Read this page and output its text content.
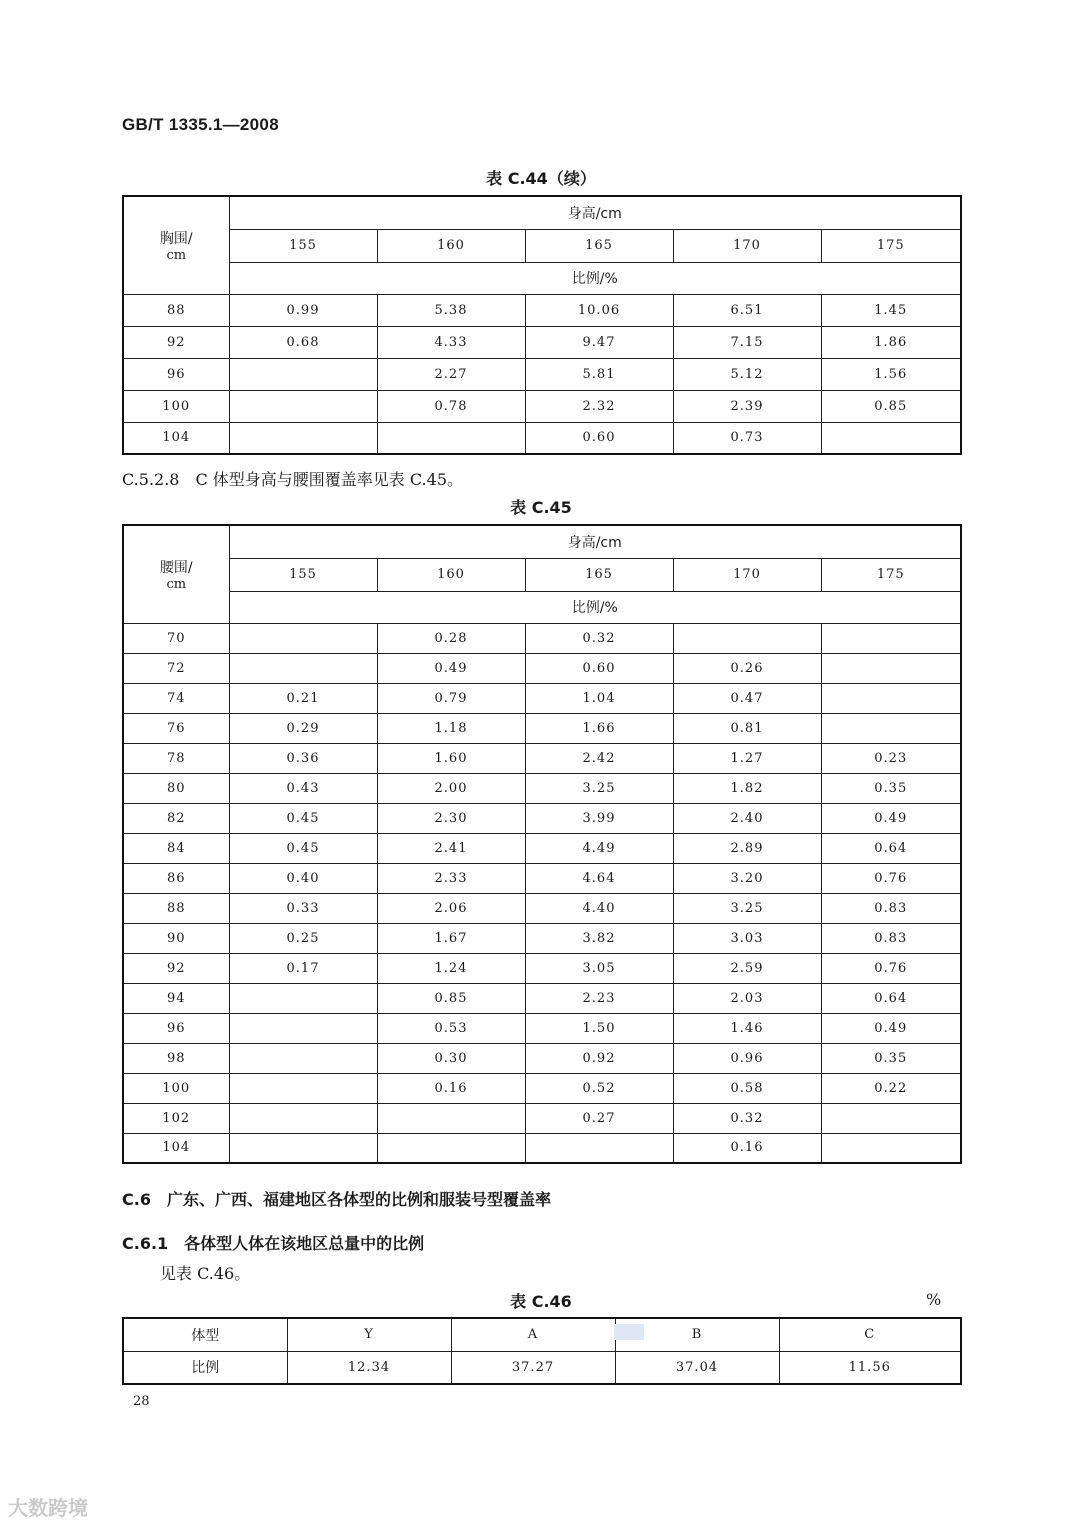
GB/T 1335.1—2008
表 C.44（续）
胸围/
cm	身高/cm				
	155	160	165	170	175
	比例/%				
88	0.99	5.38	10.06	6.51	1.45
92	0.68	4.33	9.47	7.15	1.86
96		2.27	5.81	5.12	1.56
100		0.78	2.32	2.39	0.85
104			0.60	0.73	
C.5.2.8　C 体型身高与腰围覆盖率见表 C.45。
表 C.45
腰围/
cm	身高/cm				
	155	160	165	170	175
	比例/%				
70		0.28	0.32		
72		0.49	0.60	0.26	
74	0.21	0.79	1.04	0.47	
76	0.29	1.18	1.66	0.81	
78	0.36	1.60	2.42	1.27	0.23
80	0.43	2.00	3.25	1.82	0.35
82	0.45	2.30	3.99	2.40	0.49
84	0.45	2.41	4.49	2.89	0.64
86	0.40	2.33	4.64	3.20	0.76
88	0.33	2.06	4.40	3.25	0.83
90	0.25	1.67	3.82	3.03	0.83
92	0.17	1.24	3.05	2.59	0.76
94		0.85	2.23	2.03	0.64
96		0.53	1.50	1.46	0.49
98		0.30	0.92	0.96	0.35
100		0.16	0.52	0.58	0.22
102			0.27	0.32	
104				0.16	
C.6　广东、广西、福建地区各体型的比例和服装号型覆盖率
C.6.1　各体型人体在该地区总量中的比例
见表 C.46。
表 C.46	%
体型	Y	A	B	C
比例	12.34	37.27	37.04	11.56
28
大数跨境
